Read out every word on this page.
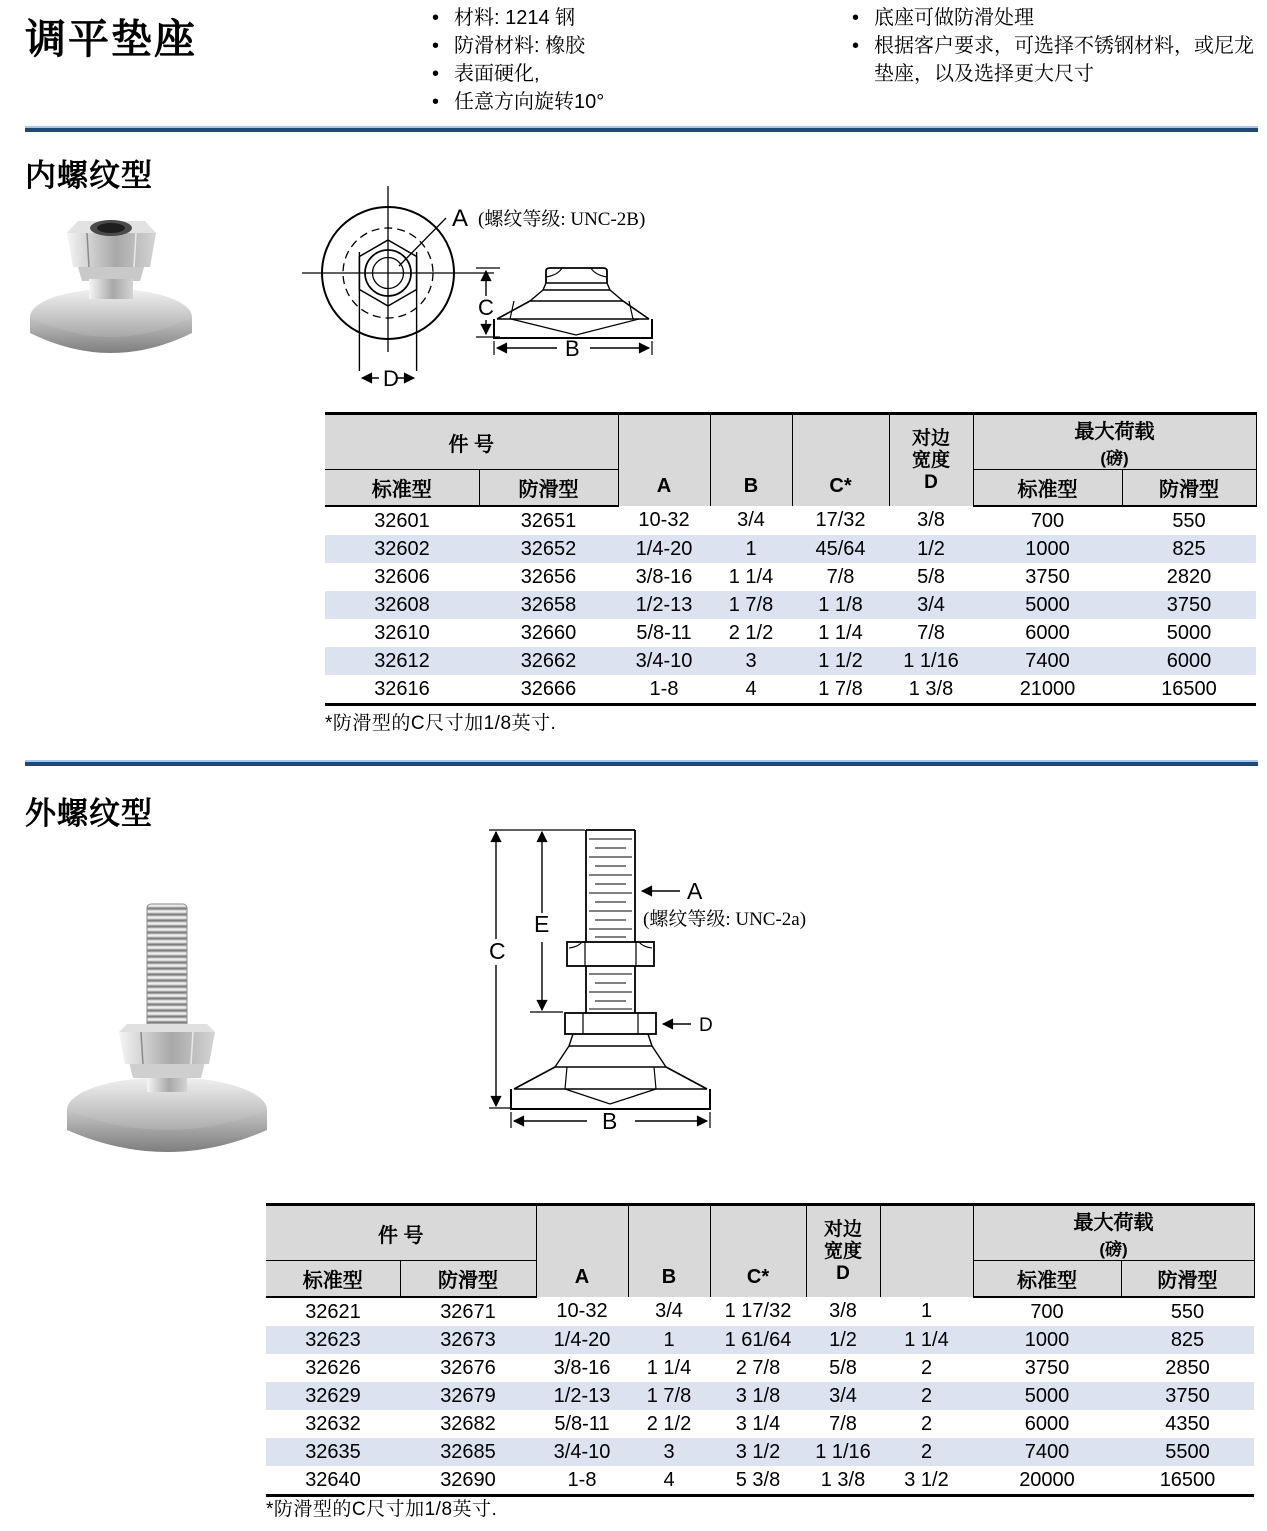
调平垫座	• 材料: 1214 钢
• 防滑材料: 橡胶
• 表面硬化,
• 任意方向旋转10°
• 底座可做防滑处理
• 根据客户要求，可选择不锈钢材料，或尼龙垫座，以及选择更大尺寸
内螺纹型
D
A (螺纹等级: UNC-2B)
C
B
件 号		A	B	C*	对边
宽度
D	最大荷载
(磅)	

标准型	防滑型					标准型	防滑型
32601	32651	10-32	3/4	17/32	3/8	700	550
32602	32652	1/4-20	1	45/64	1/2	1000	825
32606	32656	3/8-16	1 1/4	7/8	5/8	3750	2820
32608	32658	1/2-13	1 7/8	1 1/8	3/4	5000	3750
32610	32660	5/8-11	2 1/2	1 1/4	7/8	6000	5000
32612	32662	3/4-10	3	1 1/2	1 1/16	7400	6000
32616	32666	1-8	4	1 7/8	1 3/8	21000	16500
*防滑型的C尺寸加1/8英寸.
外螺纹型
C
E
A
(螺纹等级: UNC-2a)
D
B
件 号		A	B	C*	对边
宽度
D		最大荷载
(磅)	

标准型	防滑型						标准型	防滑型
32621	32671	10-32	3/4	1 17/32	3/8	1	700	550
32623	32673	1/4-20	1	1 61/64	1/2	1 1/4	1000	825
32626	32676	3/8-16	1 1/4	2 7/8	5/8	2	3750	2850
32629	32679	1/2-13	1 7/8	3 1/8	3/4	2	5000	3750
32632	32682	5/8-11	2 1/2	3 1/4	7/8	2	6000	4350
32635	32685	3/4-10	3	3 1/2	1 1/16	2	7400	5500
32640	32690	1-8	4	5 3/8	1 3/8	3 1/2	20000	16500
*防滑型的C尺寸加1/8英寸.
